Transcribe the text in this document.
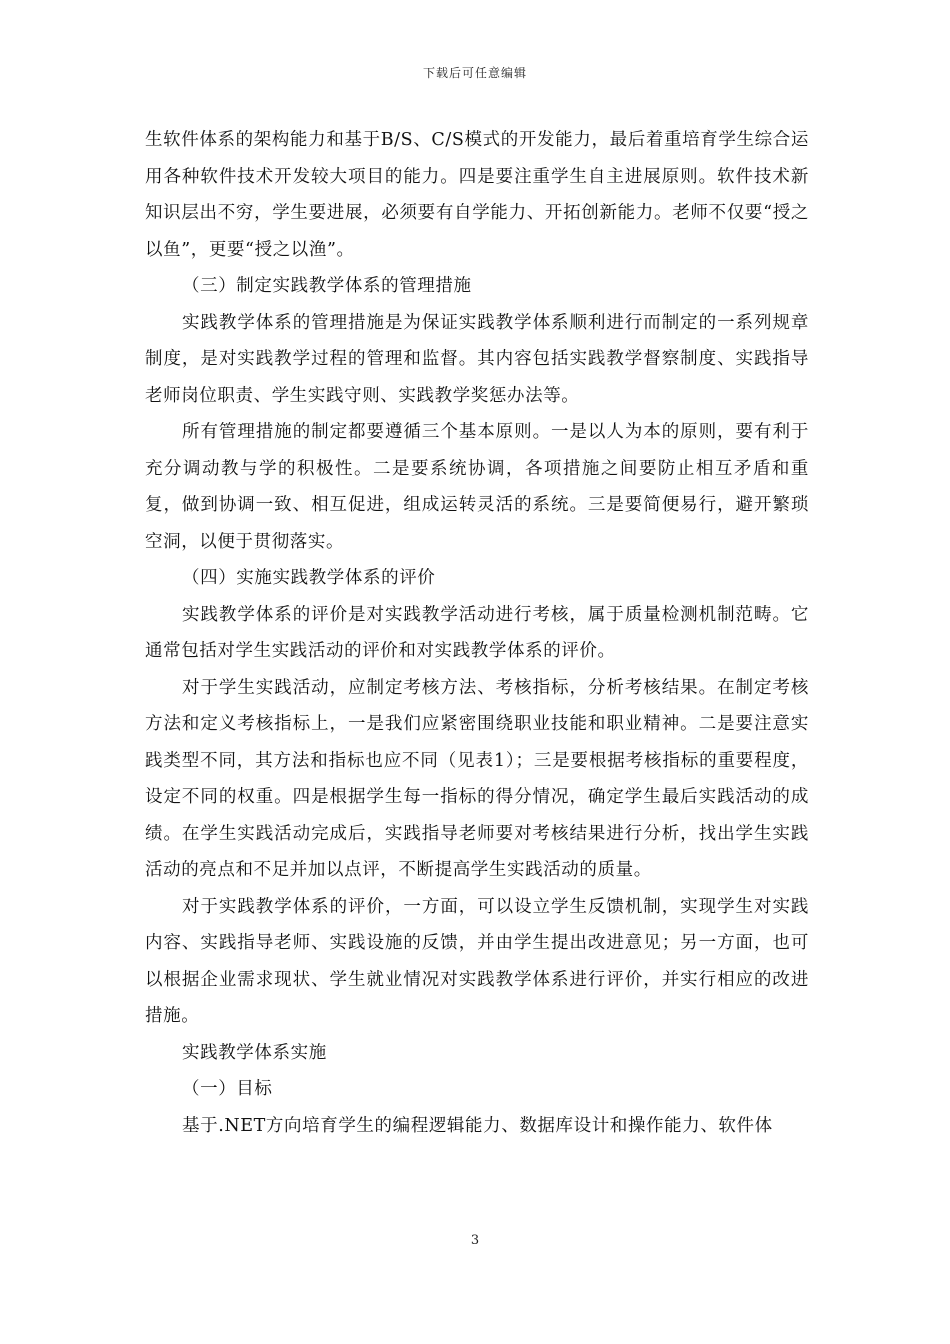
下载后可任意编辑

生软件体系的架构能力和基于B/S、C/S模式的开发能力，最后着重培育学生综合运用各种软件技术开发较大项目的能力。四是要注重学生自主进展原则。软件技术新知识层出不穷，学生要进展，必须要有自学能力、开拓创新能力。老师不仅要“授之以鱼”，更要“授之以渔”。

（三）制定实践教学体系的管理措施

实践教学体系的管理措施是为保证实践教学体系顺利进行而制定的一系列规章制度，是对实践教学过程的管理和监督。其内容包括实践教学督察制度、实践指导老师岗位职责、学生实践守则、实践教学奖惩办法等。

所有管理措施的制定都要遵循三个基本原则。一是以人为本的原则，要有利于充分调动教与学的积极性。二是要系统协调，各项措施之间要防止相互矛盾和重复，做到协调一致、相互促进，组成运转灵活的系统。三是要简便易行，避开繁琐空洞，以便于贯彻落实。

（四）实施实践教学体系的评价

实践教学体系的评价是对实践教学活动进行考核，属于质量检测机制范畴。它通常包括对学生实践活动的评价和对实践教学体系的评价。

对于学生实践活动，应制定考核方法、考核指标，分析考核结果。在制定考核方法和定义考核指标上，一是我们应紧密围绕职业技能和职业精神。二是要注意实践类型不同，其方法和指标也应不同（见表1）；三是要根据考核指标的重要程度，设定不同的权重。四是根据学生每一指标的得分情况，确定学生最后实践活动的成绩。在学生实践活动完成后，实践指导老师要对考核结果进行分析，找出学生实践活动的亮点和不足并加以点评，不断提高学生实践活动的质量。

对于实践教学体系的评价，一方面，可以设立学生反馈机制，实现学生对实践内容、实践指导老师、实践设施的反馈，并由学生提出改进意见；另一方面，也可以根据企业需求现状、学生就业情况对实践教学体系进行评价，并实行相应的改进措施。

实践教学体系实施

（一）目标

基于.NET方向培育学生的编程逻辑能力、数据库设计和操作能力、软件体

3
